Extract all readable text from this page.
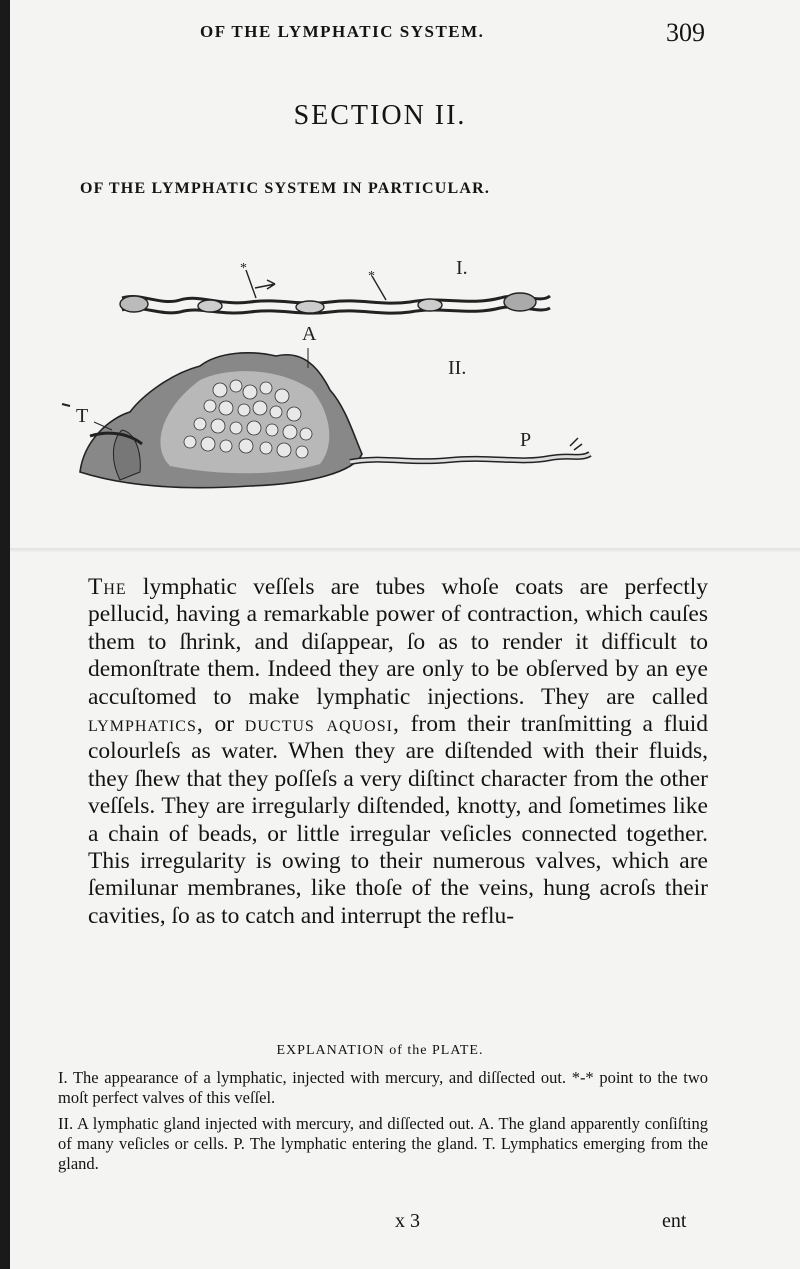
OF THE LYMPHATIC SYSTEM.	309
SECTION II.
OF THE LYMPHATIC SYSTEM IN PARTICULAR.
*
*	I.
A
II.
T
P
The lymphatic veſſels are tubes whoſe coats are perfectly pellucid, having a remarkable power of contraction, which cauſes them to ſhrink, and diſappear, ſo as to render it difficult to demonſtrate them. Indeed they are only to be obſerved by an eye accuſtomed to make lymphatic injections. They are called lymphatics, or ductus aquosi, from their tranſmitting a fluid colourleſs as water. When they are diſtended with their fluids, they ſhew that they poſſeſs a very diſtinct character from the other veſſels. They are irregularly diſtended, knotty, and ſometimes like a chain of beads, or little irregular veſicles connected together. This irregularity is owing to their numerous valves, which are ſemilunar membranes, like thoſe of the veins, hung acroſs their cavities, ſo as to catch and interrupt the reflu-
EXPLANATION of the PLATE.

I. The appearance of a lymphatic, injected with mercury, and diſſected out. *-* point to the two moſt perfect valves of this veſſel.

II. A lymphatic gland injected with mercury, and diſſected out. A. The gland apparently conſiſting of many veſicles or cells. P. The lymphatic entering the gland. T. Lymphatics emerging from the gland.

x 3	ent
